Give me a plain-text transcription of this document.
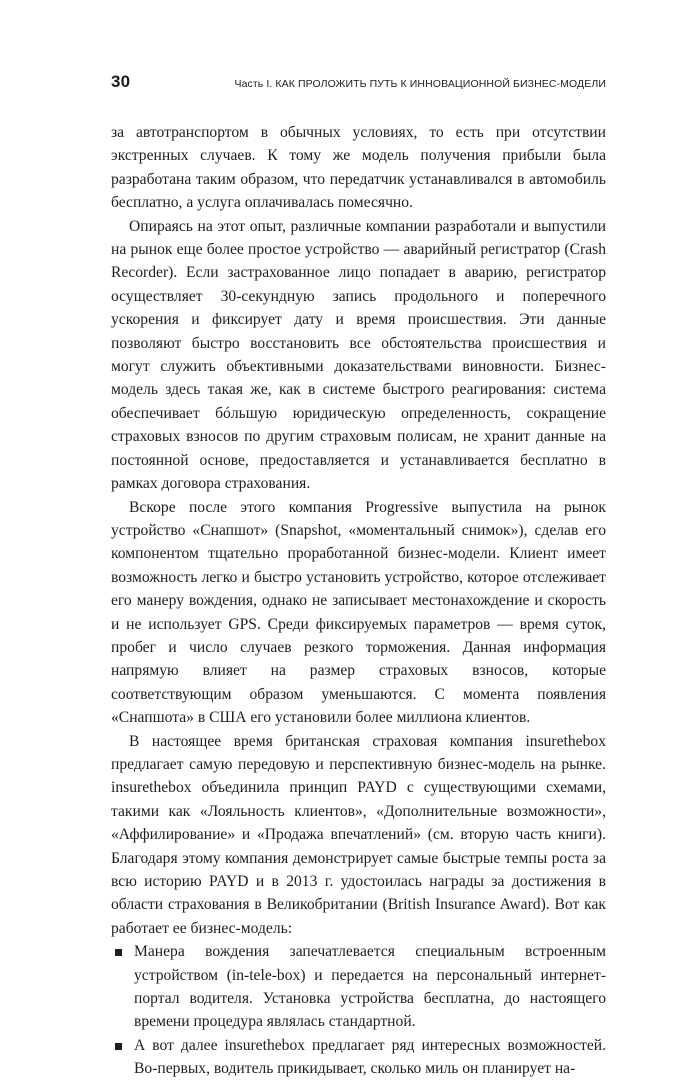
30	Часть I. КАК ПРОЛОЖИТЬ ПУТЬ К ИННОВАЦИОННОЙ БИЗНЕС-МОДЕЛИ

за автотранспортом в обычных условиях, то есть при отсутствии экстренных случаев. К тому же модель получения прибыли была разработана таким образом, что передатчик устанавливался в автомобиль бесплатно, а услуга оплачивалась помесячно.

Опираясь на этот опыт, различные компании разработали и выпустили на рынок еще более простое устройство — аварийный регистратор (Crash Recorder). Если застрахованное лицо попадает в аварию, регистратор осуществляет 30-секундную запись продольного и поперечного ускорения и фиксирует дату и время происшествия. Эти данные позволяют быстро восстановить все обстоятельства происшествия и могут служить объективными доказательствами виновности. Бизнес-модель здесь такая же, как в системе быстрого реагирования: система обеспечивает бóльшую юридическую определенность, сокращение страховых взносов по другим страховым полисам, не хранит данные на постоянной основе, предоставляется и устанавливается бесплатно в рамках договора страхования.

Вскоре после этого компания Progressive выпустила на рынок устройство «Снапшот» (Snapshot, «моментальный снимок»), сделав его компонентом тщательно проработанной бизнес-модели. Клиент имеет возможность легко и быстро установить устройство, которое отслеживает его манеру вождения, однако не записывает местонахождение и скорость и не использует GPS. Среди фиксируемых параметров — время суток, пробег и число случаев резкого торможения. Данная информация напрямую влияет на размер страховых взносов, которые соответствующим образом уменьшаются. С момента появления «Снапшота» в США его установили более миллиона клиентов.

В настоящее время британская страховая компания insurethebox предлагает самую передовую и перспективную бизнес-модель на рынке. insurethebox объединила принцип PAYD с существующими схемами, такими как «Лояльность клиентов», «Дополнительные возможности», «Аффилирование» и «Продажа впечатлений» (см. вторую часть книги). Благодаря этому компания демонстрирует самые быстрые темпы роста за всю историю PAYD и в 2013 г. удостоилась награды за достижения в области страхования в Великобритании (British Insurance Award). Вот как работает ее бизнес-модель:

Манера вождения запечатлевается специальным встроенным устройством (in-tele-box) и передается на персональный интернет-портал водителя. Установка устройства бесплатна, до настоящего времени процедура являлась стандартной.
А вот далее insurethebox предлагает ряд интересных возможностей. Во-первых, водитель прикидывает, сколько миль он планирует на-
